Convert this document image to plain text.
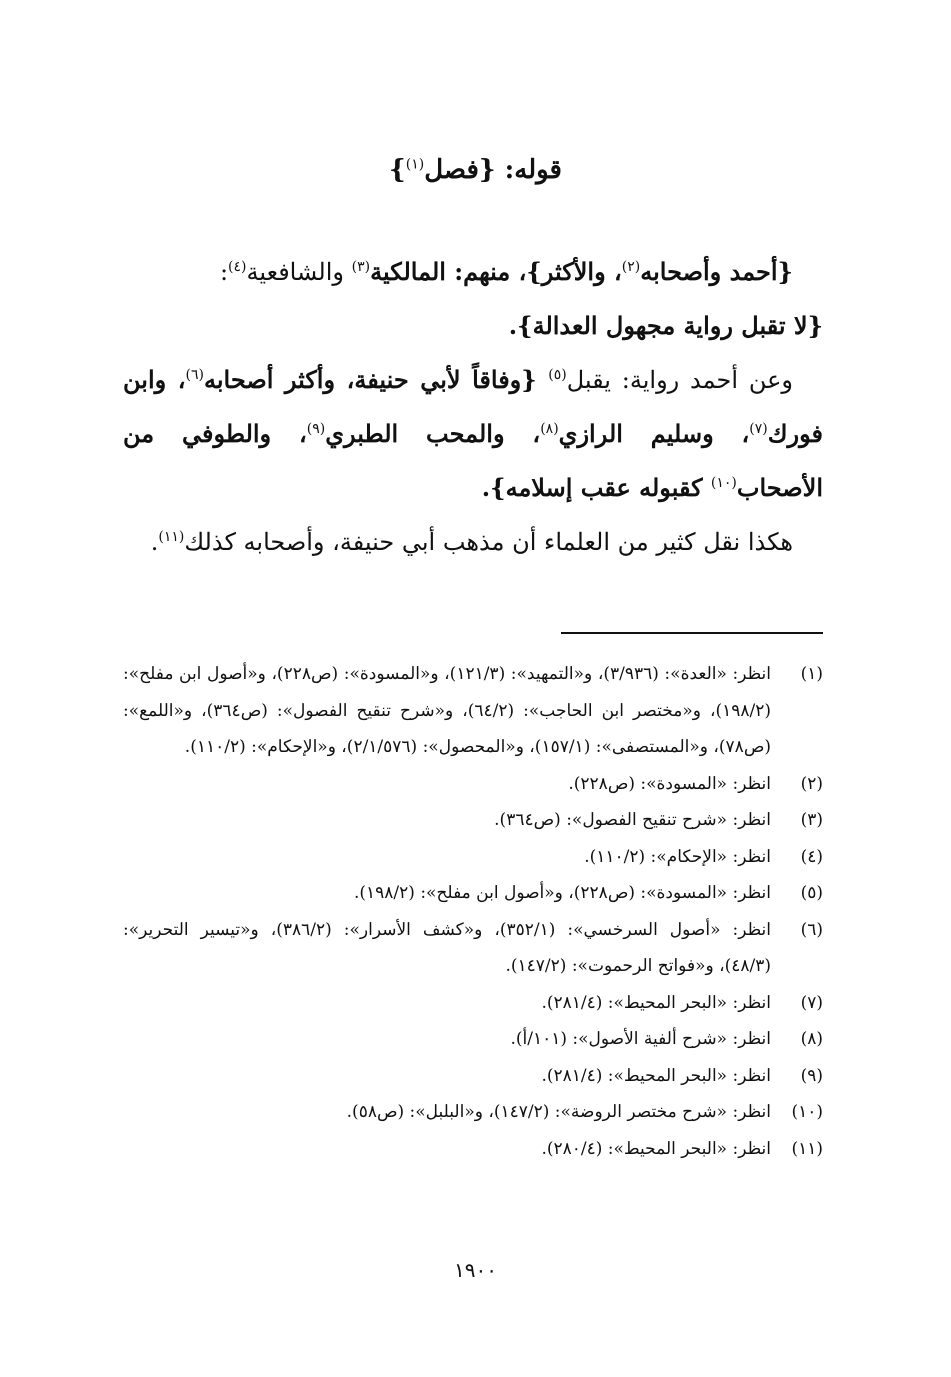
قوله: {فصل$^{(١)}$}

{أحمد وأصحابه$^{(٢)}$، والأكثر}، منهم: المالكية$^{(٣)}$ والشافعية$^{(٤)}$:
{لا تقبل رواية مجهول العدالة}.

وعن أحمد رواية: يقبل$^{(٥)}$ {وفاقاً لأبي حنيفة، وأكثر أصحابه$^{(٦)}$، وابن فورك$^{(٧)}$، وسليم الرازي$^{(٨)}$، والمحب الطبري$^{(٩)}$، والطوفي من الأصحاب$^{(١٠)}$ كقبوله عقب إسلامه}.

هكذا نقل كثير من العلماء أن مذهب أبي حنيفة، وأصحابه كذلك$^{(١١)}$.

(١)
انظر: «العدة»: (٣/٩٣٦)، و«التمهيد»: (١٢١/٣)، و«المسودة»: (ص٢٢٨)، و«أصول ابن مفلح»: (١٩٨/٢)، و«مختصر ابن الحاجب»: (٦٤/٢)، و«شرح تنقيح الفصول»: (ص٣٦٤)، و«اللمع»: (ص٧٨)، و«المستصفى»: (١٥٧/١)، و«المحصول»: (٢/١/٥٧٦)، و«الإحكام»: (١١٠/٢).
(٢)
انظر: «المسودة»: (ص٢٢٨).
(٣)
انظر: «شرح تنقيح الفصول»: (ص٣٦٤).
(٤)
انظر: «الإحكام»: (١١٠/٢).
(٥)
انظر: «المسودة»: (ص٢٢٨)، و«أصول ابن مفلح»: (١٩٨/٢).
(٦)
انظر: «أصول السرخسي»: (٣٥٢/١)، و«كشف الأسرار»: (٣٨٦/٢)، و«تيسير التحرير»: (٤٨/٣)، و«فواتح الرحموت»: (١٤٧/٢).
(٧)
انظر: «البحر المحيط»: (٢٨١/٤).
(٨)
انظر: «شرح ألفية الأصول»: (١٠١/أ).
(٩)
انظر: «البحر المحيط»: (٢٨١/٤).
(١٠)
انظر: «شرح مختصر الروضة»: (١٤٧/٢)، و«البلبل»: (ص٥٨).
(١١)
انظر: «البحر المحيط»: (٢٨٠/٤).
١٩٠٠
